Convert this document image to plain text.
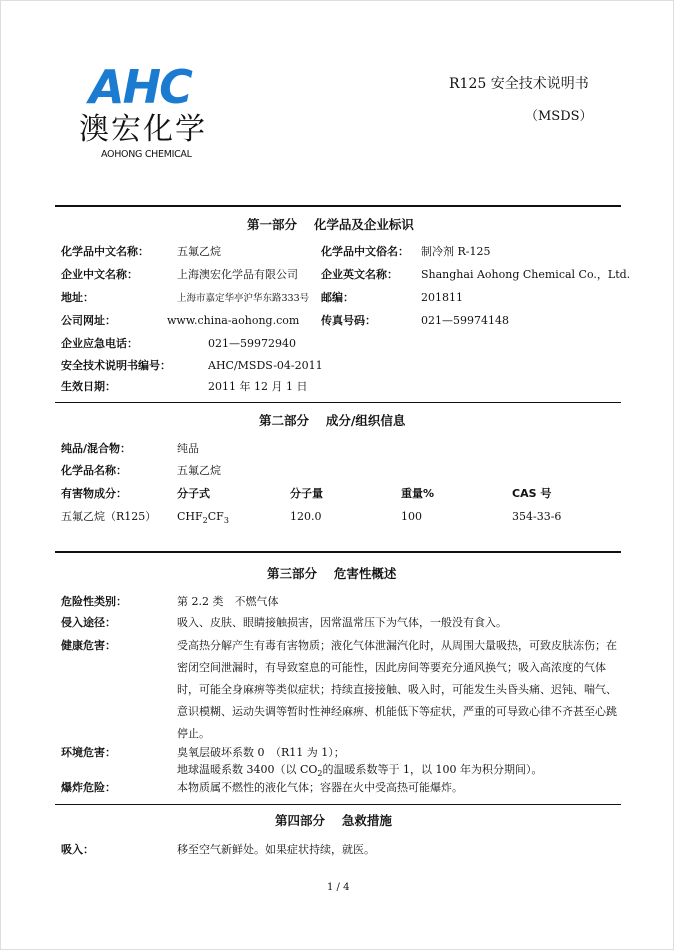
AHC
澳宏化学
AOHONG CHEMICAL
R125 安全技术说明书
（MSDS）
第一部分　 化学品及企业标识
化学品中文名称：	五氟乙烷	化学品中文俗名： 制冷剂 R-125
企业中文名称：	上海澳宏化学品有限公司 企业英文名称： Shanghai Aohong Chemical Co.，Ltd.
地址：	上海市嘉定华亭沪华东路333号 邮编：	201811
公司网址：	www.china-aohong.com 传真号码：	021—59974148
企业应急电话：	021—59972940
安全技术说明书编号：	AHC/MSDS-04-2011
生效日期：	2011 年 12 月 1 日
第二部分　 成分/组织信息
纯品/混合物：	纯品
化学品名称：	五氟乙烷
有害物成分：	分子式	分子量	重量%	CAS 号
五氟乙烷（R125） $CHF_2CF_3$	120.0	100	354-33-6
第三部分　 危害性概述
危险性类别：	第 2.2 类　不燃气体
侵入途径：	吸入、皮肤、眼睛接触损害，因常温常压下为气体，一般没有食入。
健康危害：	受高热分解产生有毒有害物质；液化气体泄漏汽化时，从周围大量吸热，可致皮肤冻伤；在密闭空间泄漏时，有导致窒息的可能性，因此房间等要充分通风换气；吸入高浓度的气体时，可能全身麻痹等类似症状；持续直接接触、吸入时，可能发生头昏头痛、迟钝、喘气、意识模糊、运动失调等暂时性神经麻痹、机能低下等症状，严重的可导致心律不齐甚至心跳停止。
环境危害：	臭氧层破坏系数 0　（R11 为 1）；
地球温暖系数 3400（以 $CO_2$的温暖系数等于 1，以 100 年为积分期间）。
爆炸危险：	本物质属不燃性的液化气体；容器在火中受高热可能爆炸。
第四部分　 急救措施
吸入：	移至空气新鲜处。如果症状持续，就医。
1 / 4
